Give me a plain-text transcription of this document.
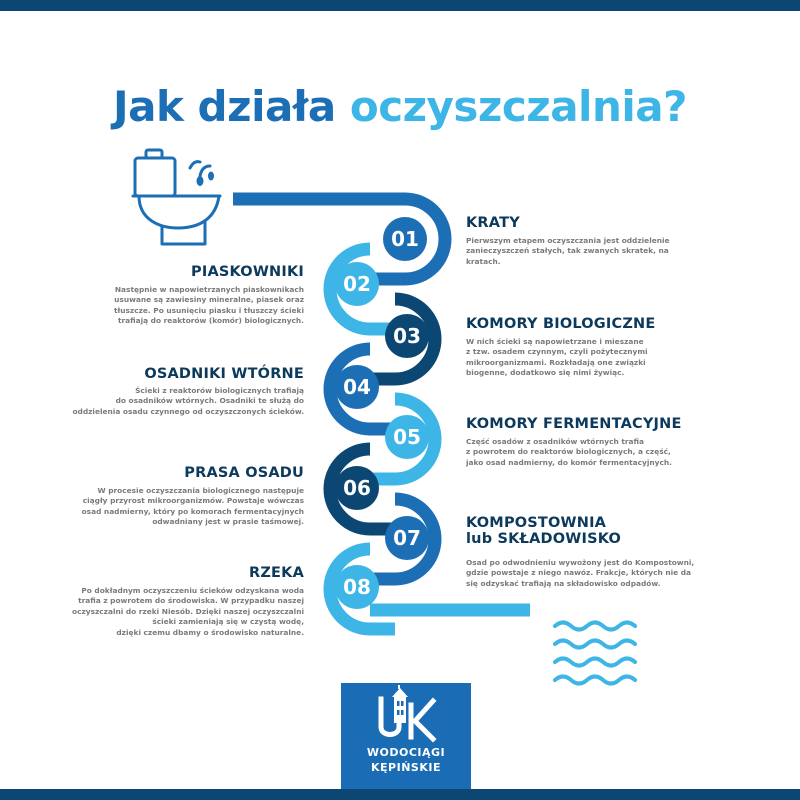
Jak działa oczyszczalnia?
01
02
03
04
05
06
07
08
KRATY
Pierwszym etapem oczyszczania jest oddzielenie
zanieczyszczeń stałych, tak zwanych skratek, na
kratach.
PIASKOWNIKI
Następnie w napowietrzanych piaskownikach
usuwane są zawiesiny mineralne, piasek oraz
tłuszcze. Po usunięciu piasku i tłuszczy ścieki
trafiają do reaktorów (komór) biologicznych.	KOMORY BIOLOGICZNE
W nich ścieki są napowietrzane i mieszane
z tzw. osadem czynnym, czyli pożytecznymi
mikroorganizmami. Rozkładają one związki
biogenne, dodatkowo się nimi żywiąc.
OSADNIKI WTÓRNE
Ścieki z reaktorów biologicznych trafiają
do osadników wtórnych. Osadniki te służą do
oddzielenia osadu czynnego od oczyszczonych ścieków.
KOMORY FERMENTACYJNE
Część osadów z osadników wtórnych trafia
z powrotem do reaktorów biologicznych, a część,
jako osad nadmierny, do komór fermentacyjnych.
PRASA OSADU
W procesie oczyszczania biologicznego następuje
ciągły przyrost mikroorganizmów. Powstaje wówczas
osad nadmierny, który po komorach fermentacyjnych
odwadniany jest w prasie taśmowej.	KOMPOSTOWNIA
lub SKŁADOWISKO
Osad po odwodnieniu wywożony jest do Kompostowni,
gdzie powstaje z niego nawóz. Frakcje, których nie da
się odzyskać trafiają na składowisko odpadów.
RZEKA
Po dokładnym oczyszczeniu ścieków odzyskana woda
trafia z powrotem do środowiska. W przypadku naszej
oczyszczalni do rzeki Niesób. Dzięki naszej oczyszczalni
ścieki zamieniają się w czystą wodę,
dzięki czemu dbamy o środowisko naturalne.
WODOCIĄGI
KĘPIŃSKIE
